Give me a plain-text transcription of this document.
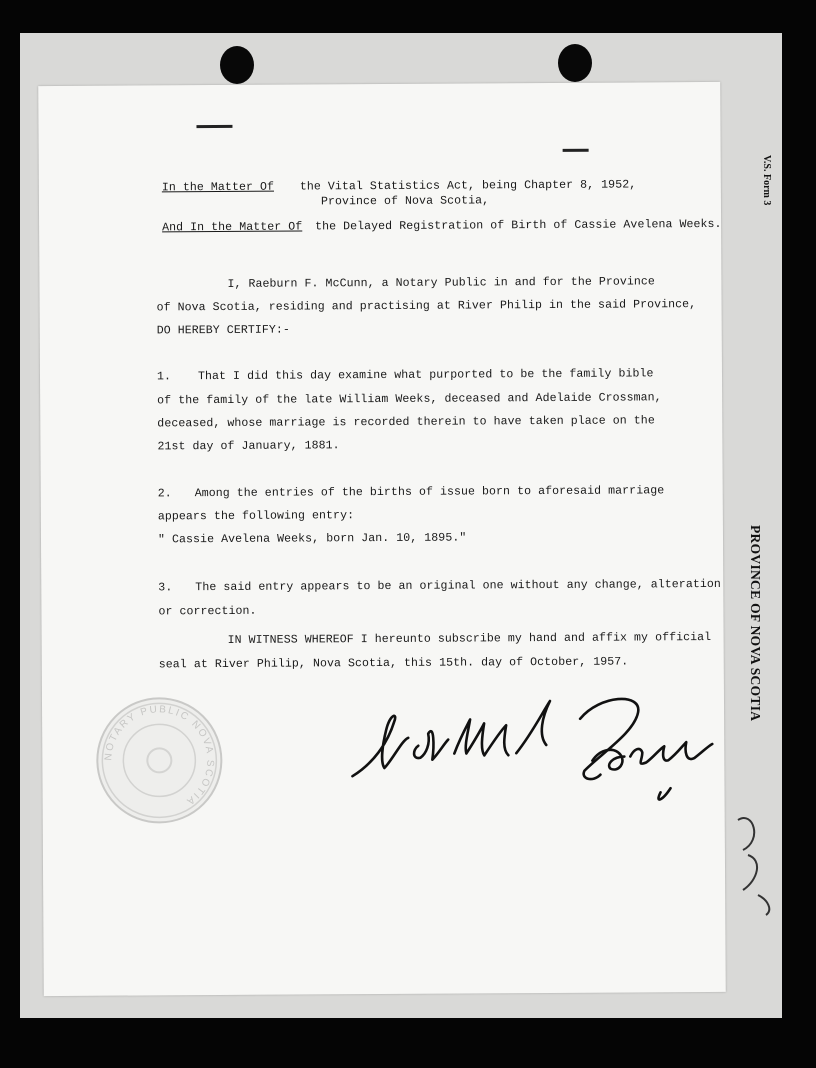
V.S. Form 3
PROVINCE OF NOVA SCOTIA
In the Matter Of the Vital Statistics Act, being Chapter 8, 1952,
Province of Nova Scotia,
And In the Matter Of the Delayed Registration of Birth of Cassie Avelena Weeks.
I, Raeburn F. McCunn, a Notary Public in and for the Province
of Nova Scotia, residing and practising at River Philip in the said Province,
DO HEREBY CERTIFY:-
1. That I did this day examine what purported to be the family bible
of the family of the late William Weeks, deceased and Adelaide Crossman,
deceased, whose marriage is recorded therein to have taken place on the
21st day of January, 1881.
2. Among the entries of the births of issue born to aforesaid marriage
appears the following entry:
" Cassie Avelena Weeks, born Jan. 10, 1895."
3. The said entry appears to be an original one without any change, alteration
or correction.
IN WITNESS WHEREOF I hereunto subscribe my hand and affix my official
seal at River Philip, Nova Scotia, this 15th. day of October, 1957.
NOTARY PUBLIC NOVA SCOTIA
